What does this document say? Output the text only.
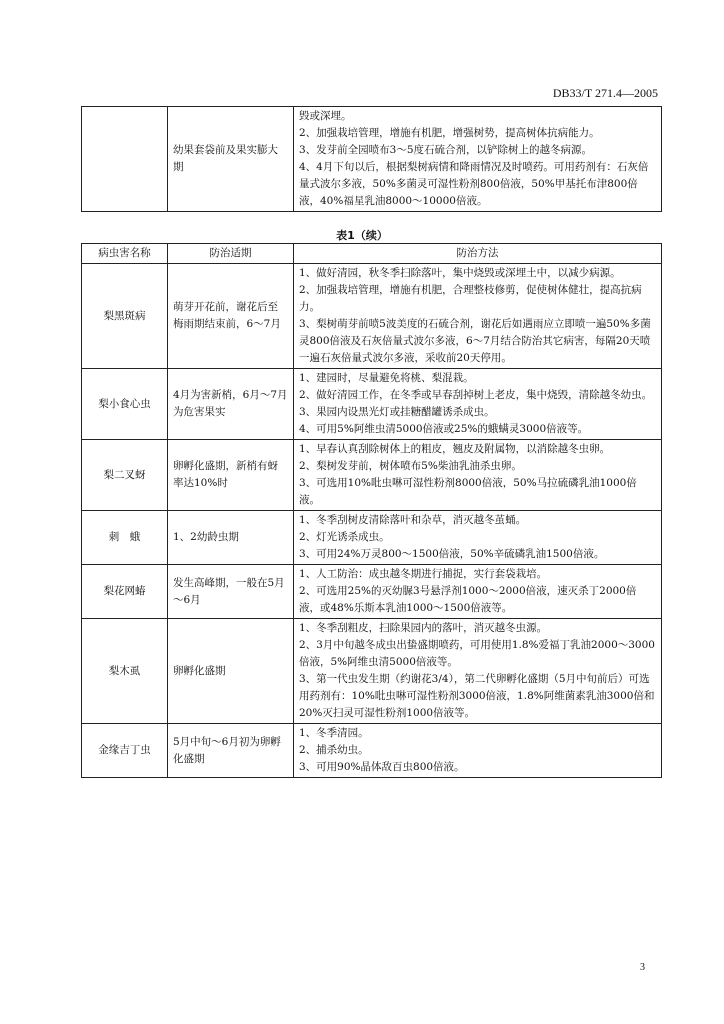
DB33/T 271.4—2005
	幼果套袋前及果实膨大期	

毁或深埋。

2、加强栽培管理，增施有机肥，增强树势，提高树体抗病能力。

3、发芽前全园喷布3～5度石硫合剂，以铲除树上的越冬病源。

4、4月下旬以后，根据梨树病情和降雨情况及时喷药。可用药剂有：石灰倍量式波尔多液，50%多菌灵可湿性粉剂800倍液，50%甲基托布津800倍液，40%福星乳油8000～10000倍液。

表1（续）
病虫害名称	防治适期	防治方法
梨黑斑病	萌芽开花前，谢花后至梅雨期结束前，6～7月	1、做好清园，秋冬季扫除落叶，集中烧毁或深埋土中，以减少病源。

2、加强栽培管理，增施有机肥，合理整枝修剪，促使树体健壮，提高抗病力。

3、梨树萌芽前喷5波美度的石硫合剂，谢花后如遇雨应立即喷一遍50%多菌灵800倍液及石灰倍量式波尔多液，6～7月结合防治其它病害，每隔20天喷一遍石灰倍量式波尔多液，采收前20天停用。

梨小食心虫	4月为害新梢，6月～7月为危害果实	1、建园时，尽量避免将桃、梨混栽。

2、做好清园工作，在冬季或早春刮掉树上老皮，集中烧毁，清除越冬幼虫。

3、果园内设黑光灯或挂糖醋罐诱杀成虫。

4、可用5%阿维虫清5000倍液或25%的蛾螨灵3000倍液等。

梨二叉蚜	卵孵化盛期，新梢有蚜率达10%时	1、早春认真刮除树体上的粗皮，翘皮及附属物，以消除越冬虫卵。

2、梨树发芽前，树体喷布5%柴油乳油杀虫卵。

3、可选用10%吡虫啉可湿性粉剂8000倍液，50%马拉硫磷乳油1000倍液。

刺　蛾	1、2幼龄虫期	1、冬季刮树皮清除落叶和杂草，消灭越冬茧蛹。

2、灯光诱杀成虫。

3、可用24%万灵800～1500倍液，50%辛硫磷乳油1500倍液。

梨花网蝽	发生高峰期，一般在5月～6月	1、人工防治：成虫越冬期进行捕捉，实行套袋栽培。

2、可选用25%的灭幼脲3号悬浮剂1000～2000倍液，速灭杀丁2000倍液，或48%乐斯本乳油1000～1500倍液等。

梨木虱	卵孵化盛期	1、冬季刮粗皮，扫除果园内的落叶，消灭越冬虫源。

2、3月中旬越冬成虫出蛰盛期喷药，可用使用1.8%爱福丁乳油2000～3000倍液，5%阿维虫清5000倍液等。

3、第一代虫发生期（约谢花3/4），第二代卵孵化盛期（5月中旬前后）可选用药剂有：10%吡虫啉可湿性粉剂3000倍液，1.8%阿维菌素乳油3000倍和20%灭扫灵可湿性粉剂1000倍液等。

金缘吉丁虫	5月中旬～6月初为卵孵化盛期	1、冬季清园。

2、捕杀幼虫。

3、可用90%晶体敌百虫800倍液。

3
